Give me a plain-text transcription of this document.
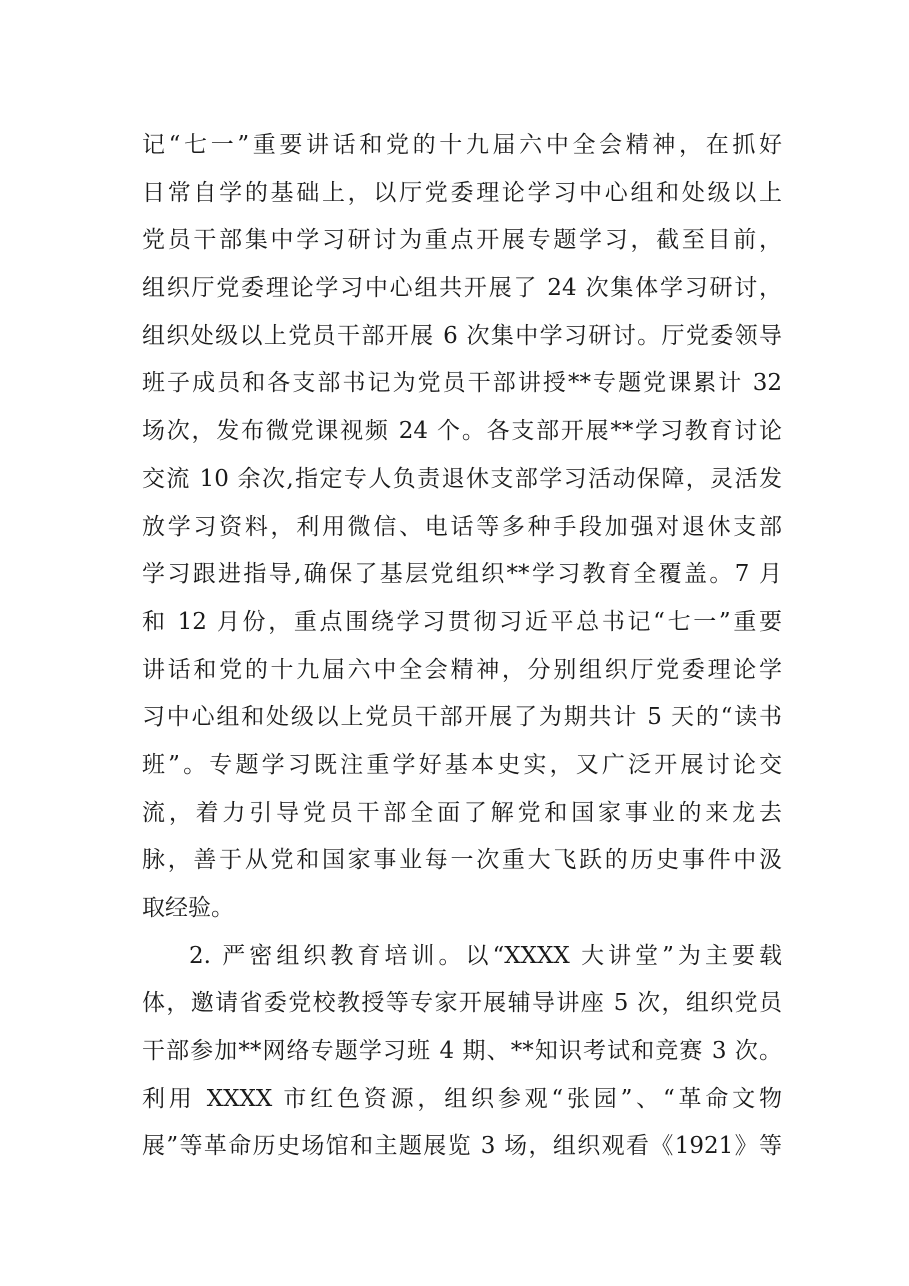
记“七一”重要讲话和党的十九届六中全会精神，在抓好
日常自学的基础上，以厅党委理论学习中心组和处级以上
党员干部集中学习研讨为重点开展专题学习，截至目前，
组织厅党委理论学习中心组共开展了 24 次集体学习研讨，
组织处级以上党员干部开展 6 次集中学习研讨。厅党委领导
班子成员和各支部书记为党员干部讲授**专题党课累计 32
场次，发布微党课视频 24 个。各支部开展**学习教育讨论
交流 10 余次,指定专人负责退休支部学习活动保障，灵活发
放学习资料，利用微信、电话等多种手段加强对退休支部
学习跟进指导,确保了基层党组织**学习教育全覆盖。7 月
和 12 月份，重点围绕学习贯彻习近平总书记“七一”重要
讲话和党的十九届六中全会精神，分别组织厅党委理论学
习中心组和处级以上党员干部开展了为期共计 5 天的“读书
班”。专题学习既注重学好基本史实，又广泛开展讨论交
流，着力引导党员干部全面了解党和国家事业的来龙去
脉，善于从党和国家事业每一次重大飞跃的历史事件中汲
取经验。
2. 严密组织教育培训。以“XXXX 大讲堂”为主要载
体，邀请省委党校教授等专家开展辅导讲座 5 次，组织党员
干部参加**网络专题学习班 4 期、**知识考试和竞赛 3 次。
利用 XXXX 市红色资源，组织参观“张园”、“革命文物
展”等革命历史场馆和主题展览 3 场，组织观看《1921》等
